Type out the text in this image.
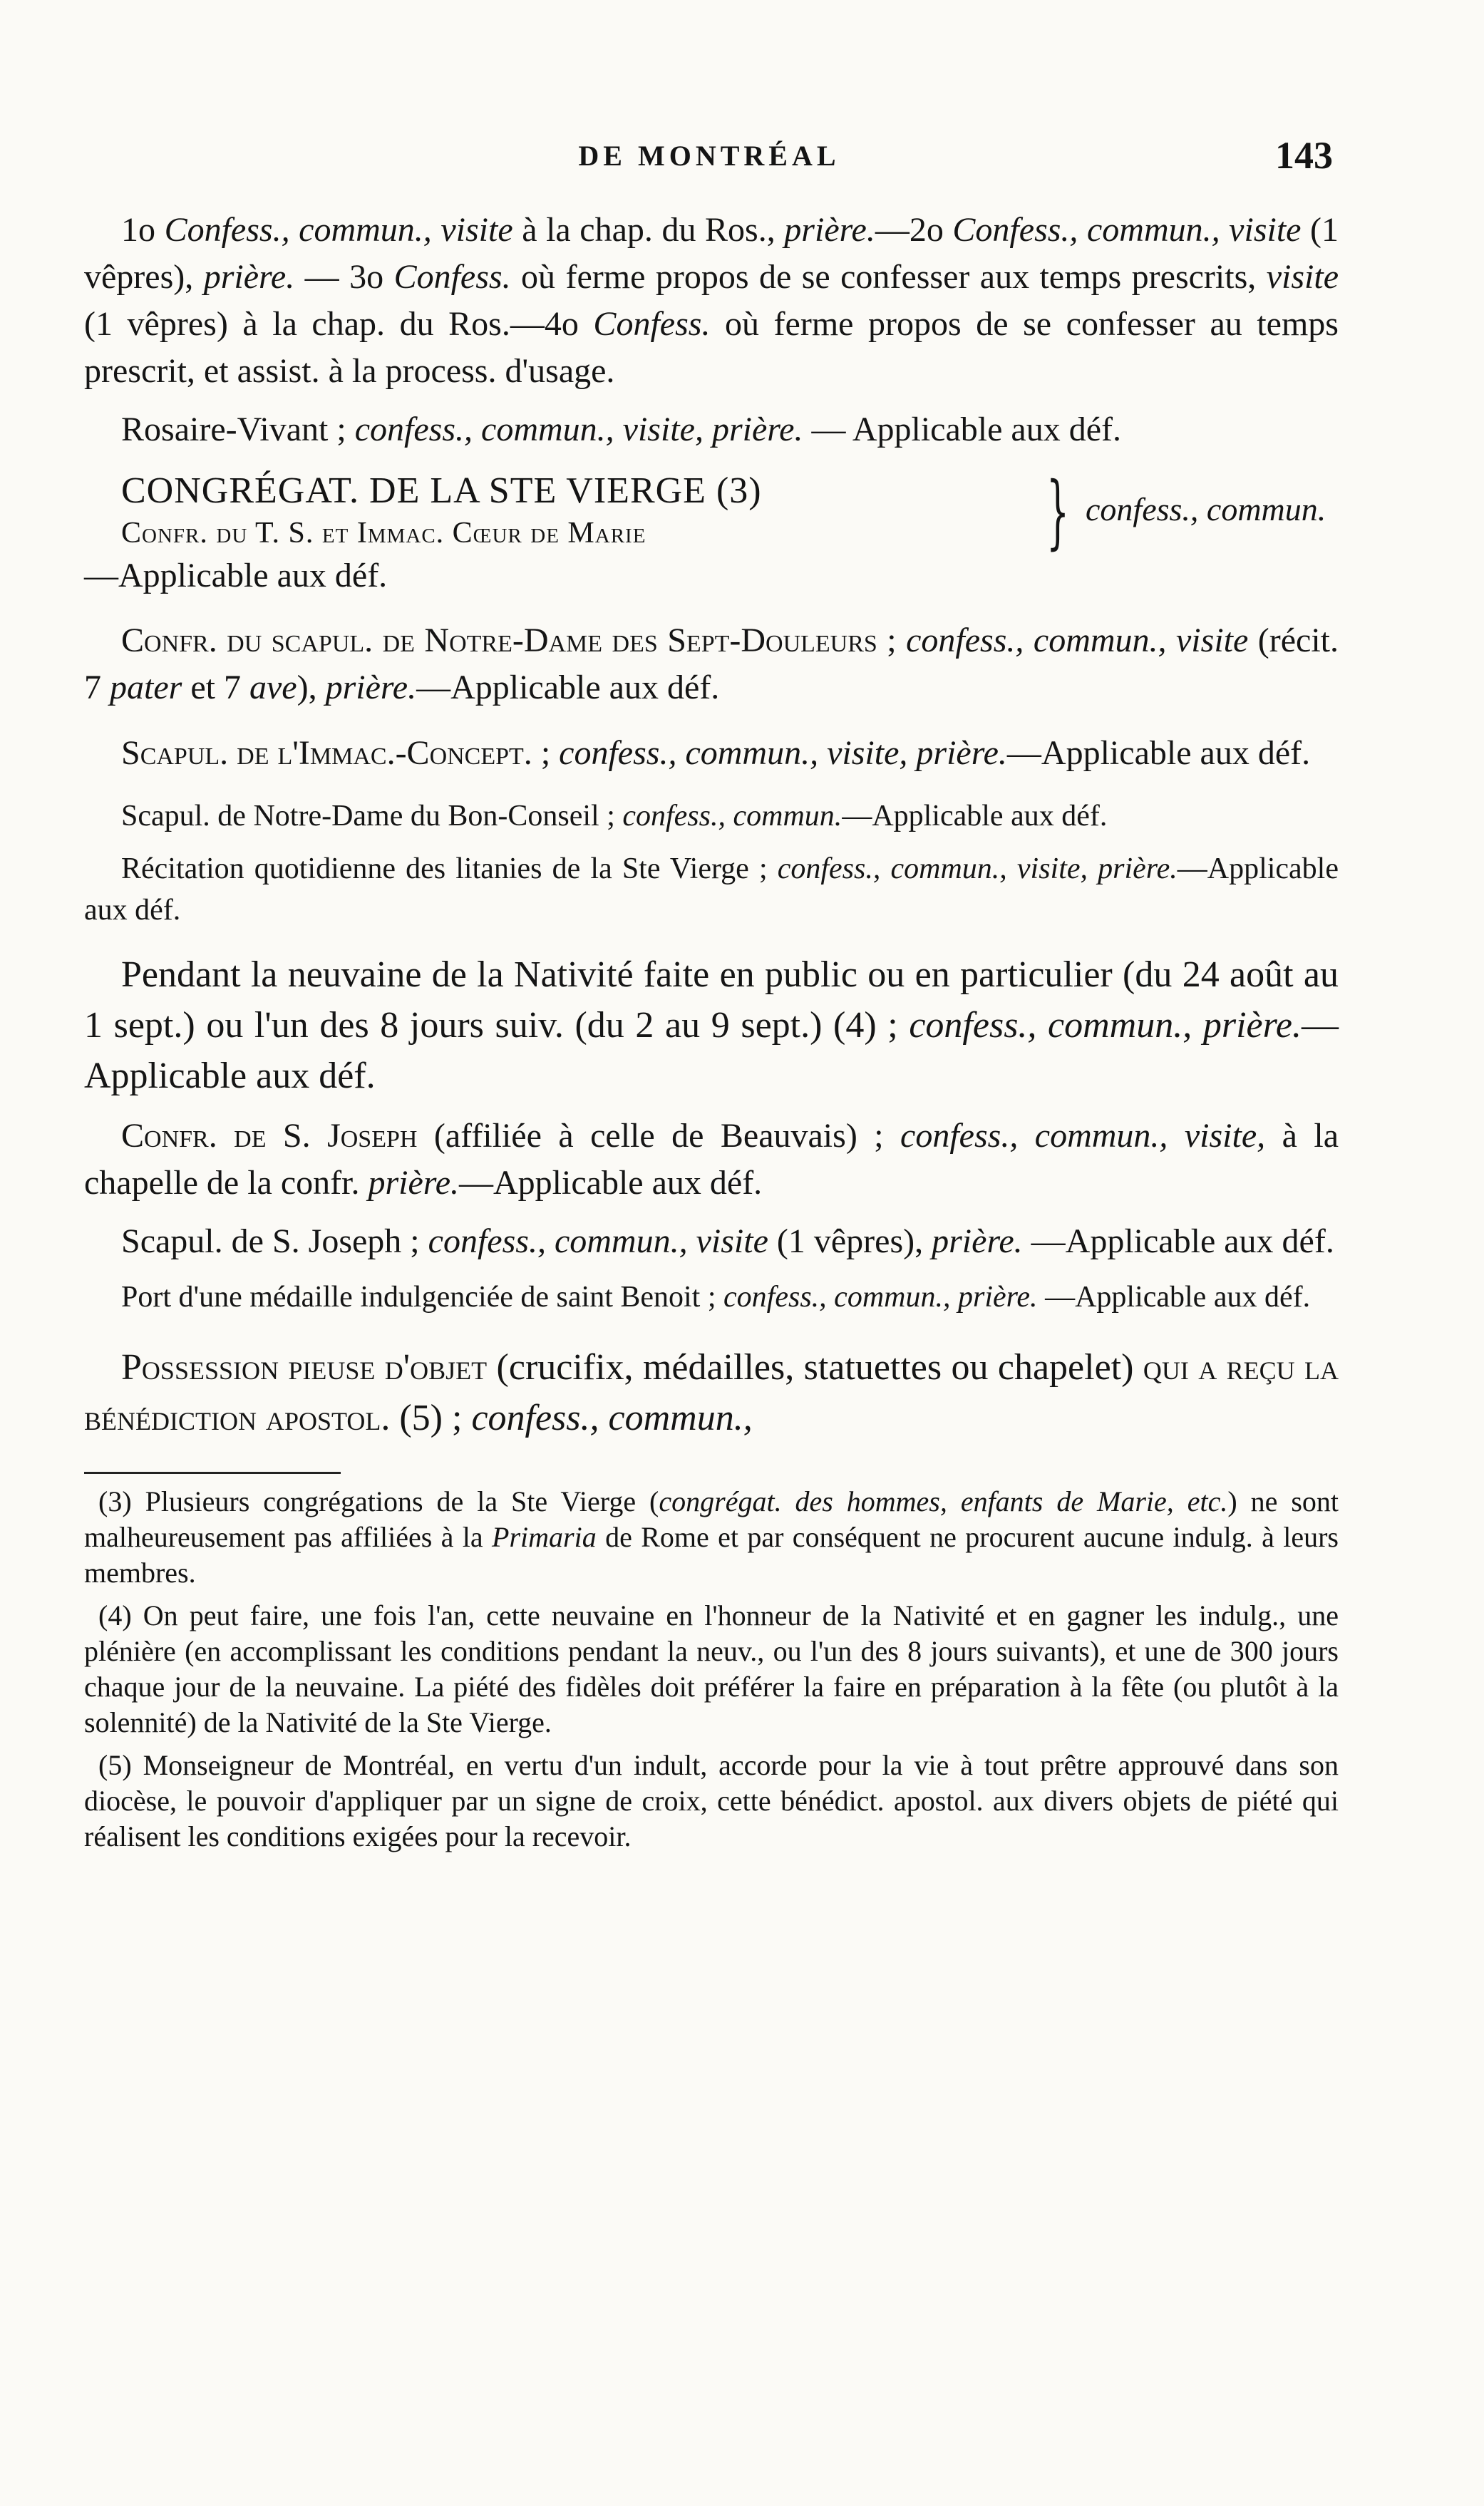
DE MONTRÉAL	143

1o Confess., commun., visite à la chap. du Ros., prière.—2o Confess., commun., visite (1 vêpres), prière. — 3o Confess. où ferme propos de se confesser aux temps prescrits, visite (1 vêpres) à la chap. du Ros.—4o Confess. où ferme propos de se confesser au temps prescrit, et assist. à la process. d'usage.

Rosaire-Vivant ; confess., commun., visite, prière. — Applicable aux déf.

CONGRÉGAT. DE LA STE VIERGE (3)
Confr. du T. S. et Immac. Cœur de Marie	} confess., commun.
—Applicable aux déf.

Confr. du scapul. de Notre-Dame des Sept-Douleurs ; confess., commun., visite (récit. 7 pater et 7 ave), prière.—Applicable aux déf.

Scapul. de l'Immac.-Concept. ; confess., commun., visite, prière.—Applicable aux déf.

Scapul. de Notre-Dame du Bon-Conseil ; confess., commun.—Applicable aux déf.

Récitation quotidienne des litanies de la Ste Vierge ; confess., commun., visite, prière.—Applicable aux déf.

Pendant la neuvaine de la Nativité faite en public ou en particulier (du 24 août au 1 sept.) ou l'un des 8 jours suiv. (du 2 au 9 sept.) (4) ; confess., commun., prière.—Applicable aux déf.

Confr. de S. Joseph (affiliée à celle de Beauvais) ; confess., commun., visite, à la chapelle de la confr. prière.—Applicable aux déf.

Scapul. de S. Joseph ; confess., commun., visite (1 vêpres), prière. —Applicable aux déf.

Port d'une médaille indulgenciée de saint Benoit ; confess., commun., prière. —Applicable aux déf.

Possession pieuse d'objet (crucifix, médailles, statuettes ou chapelet) qui a reçu la bénédiction apostol. (5) ; confess., commun.,

(3) Plusieurs congrégations de la Ste Vierge (congrégat. des hommes, enfants de Marie, etc.) ne sont malheureusement pas affiliées à la Primaria de Rome et par conséquent ne procurent aucune indulg. à leurs membres.

(4) On peut faire, une fois l'an, cette neuvaine en l'honneur de la Nativité et en gagner les indulg., une plénière (en accomplissant les conditions pendant la neuv., ou l'un des 8 jours suivants), et une de 300 jours chaque jour de la neuvaine. La piété des fidèles doit préférer la faire en préparation à la fête (ou plutôt à la solennité) de la Nativité de la Ste Vierge.

(5) Monseigneur de Montréal, en vertu d'un indult, accorde pour la vie à tout prêtre approuvé dans son diocèse, le pouvoir d'appliquer par un signe de croix, cette bénédict. apostol. aux divers objets de piété qui réalisent les conditions exigées pour la recevoir.
